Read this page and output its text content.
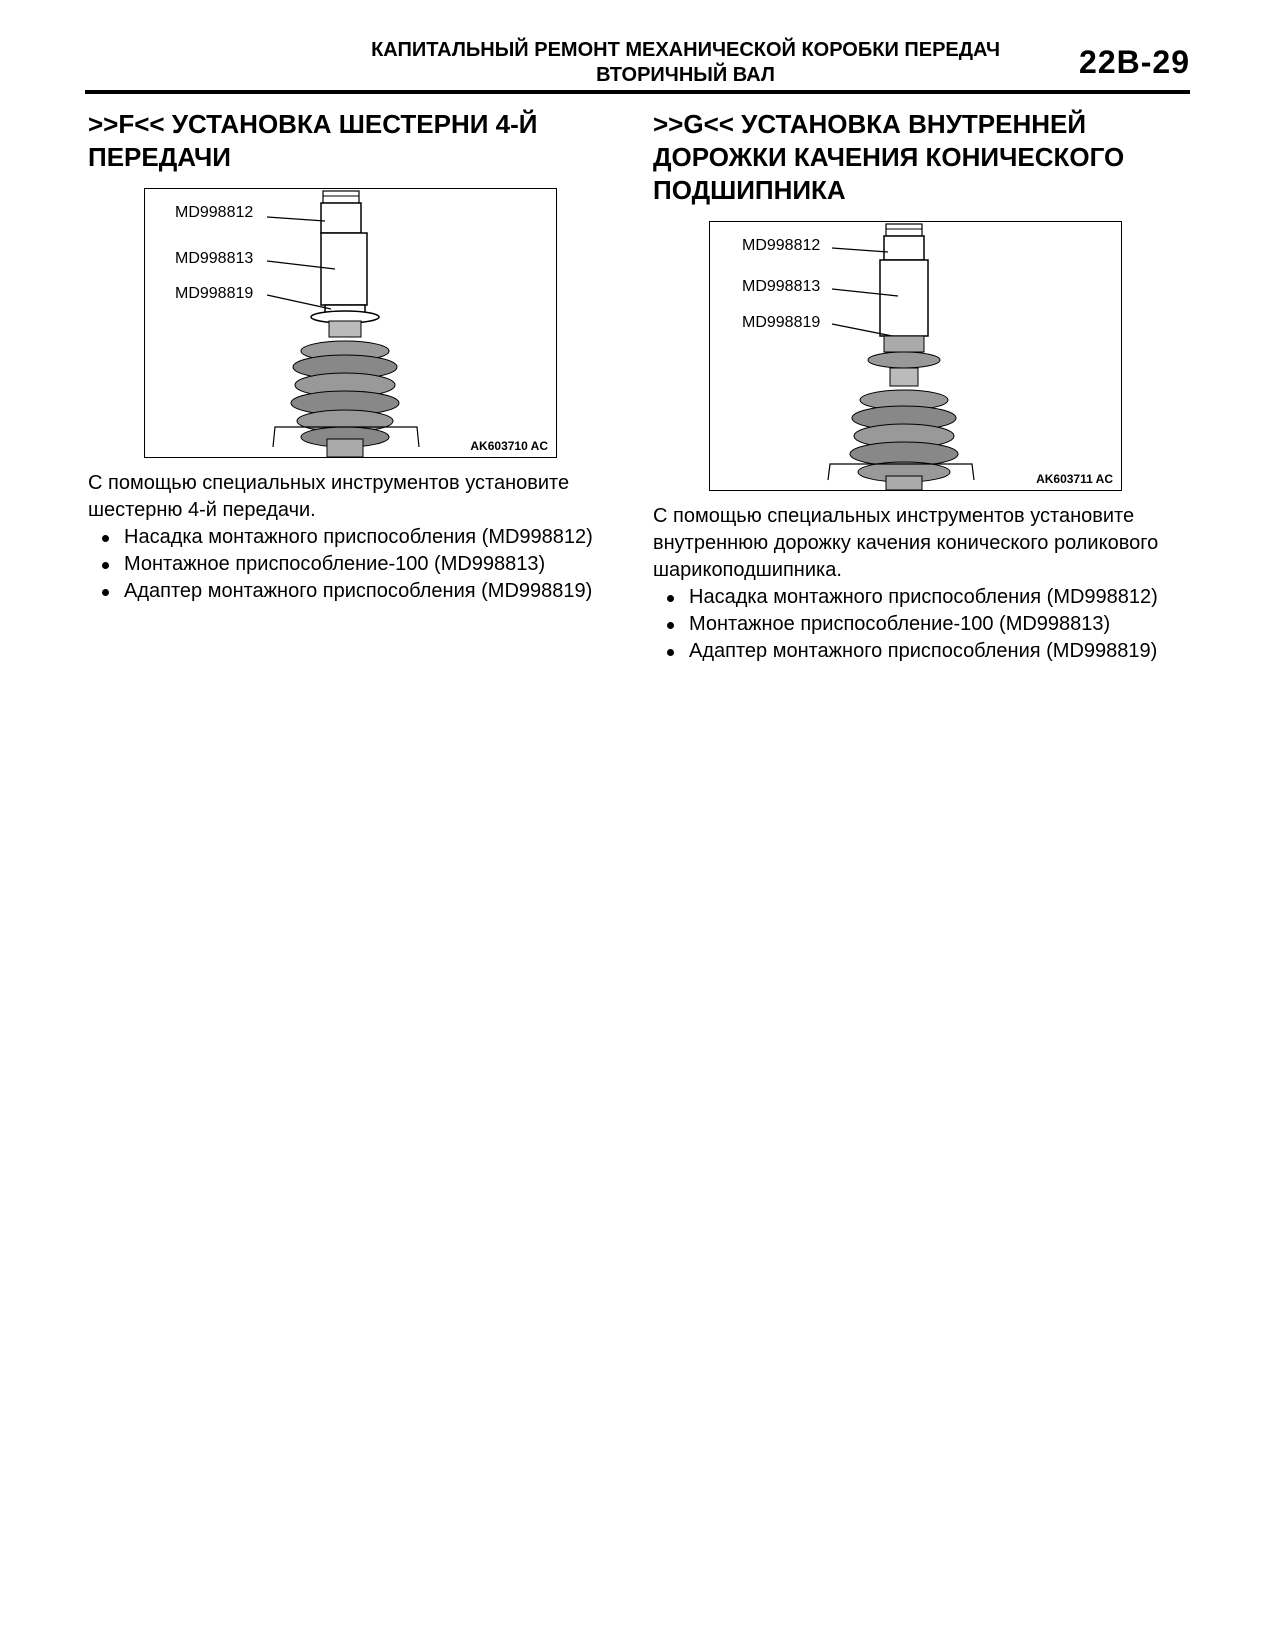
КАПИТАЛЬНЫЙ РЕМОНТ МЕХАНИЧЕСКОЙ КОРОБКИ ПЕРЕДАЧ
ВТОРИЧНЫЙ ВАЛ	22B-29
>>F<< УСТАНОВКА ШЕСТЕРНИ 4-Й ПЕРЕДАЧИ
MD998812
MD998813
MD998819
AK603710 AC
С помощью специальных инструментов установите шестерню 4-й передачи.
Насадка монтажного приспособления (MD998812)
Монтажное приспособление-100 (MD998813)
Адаптер монтажного приспособления (MD998819)
>>G<< УСТАНОВКА ВНУТРЕННЕЙ ДОРОЖКИ КАЧЕНИЯ КОНИЧЕСКОГО ПОДШИПНИКА
MD998812
MD998813
MD998819
AK603711 AC
С помощью специальных инструментов установите внутреннюю дорожку качения конического роликового шарикоподшипника.
Насадка монтажного приспособления (MD998812)
Монтажное приспособление-100 (MD998813)
Адаптер монтажного приспособления (MD998819)
